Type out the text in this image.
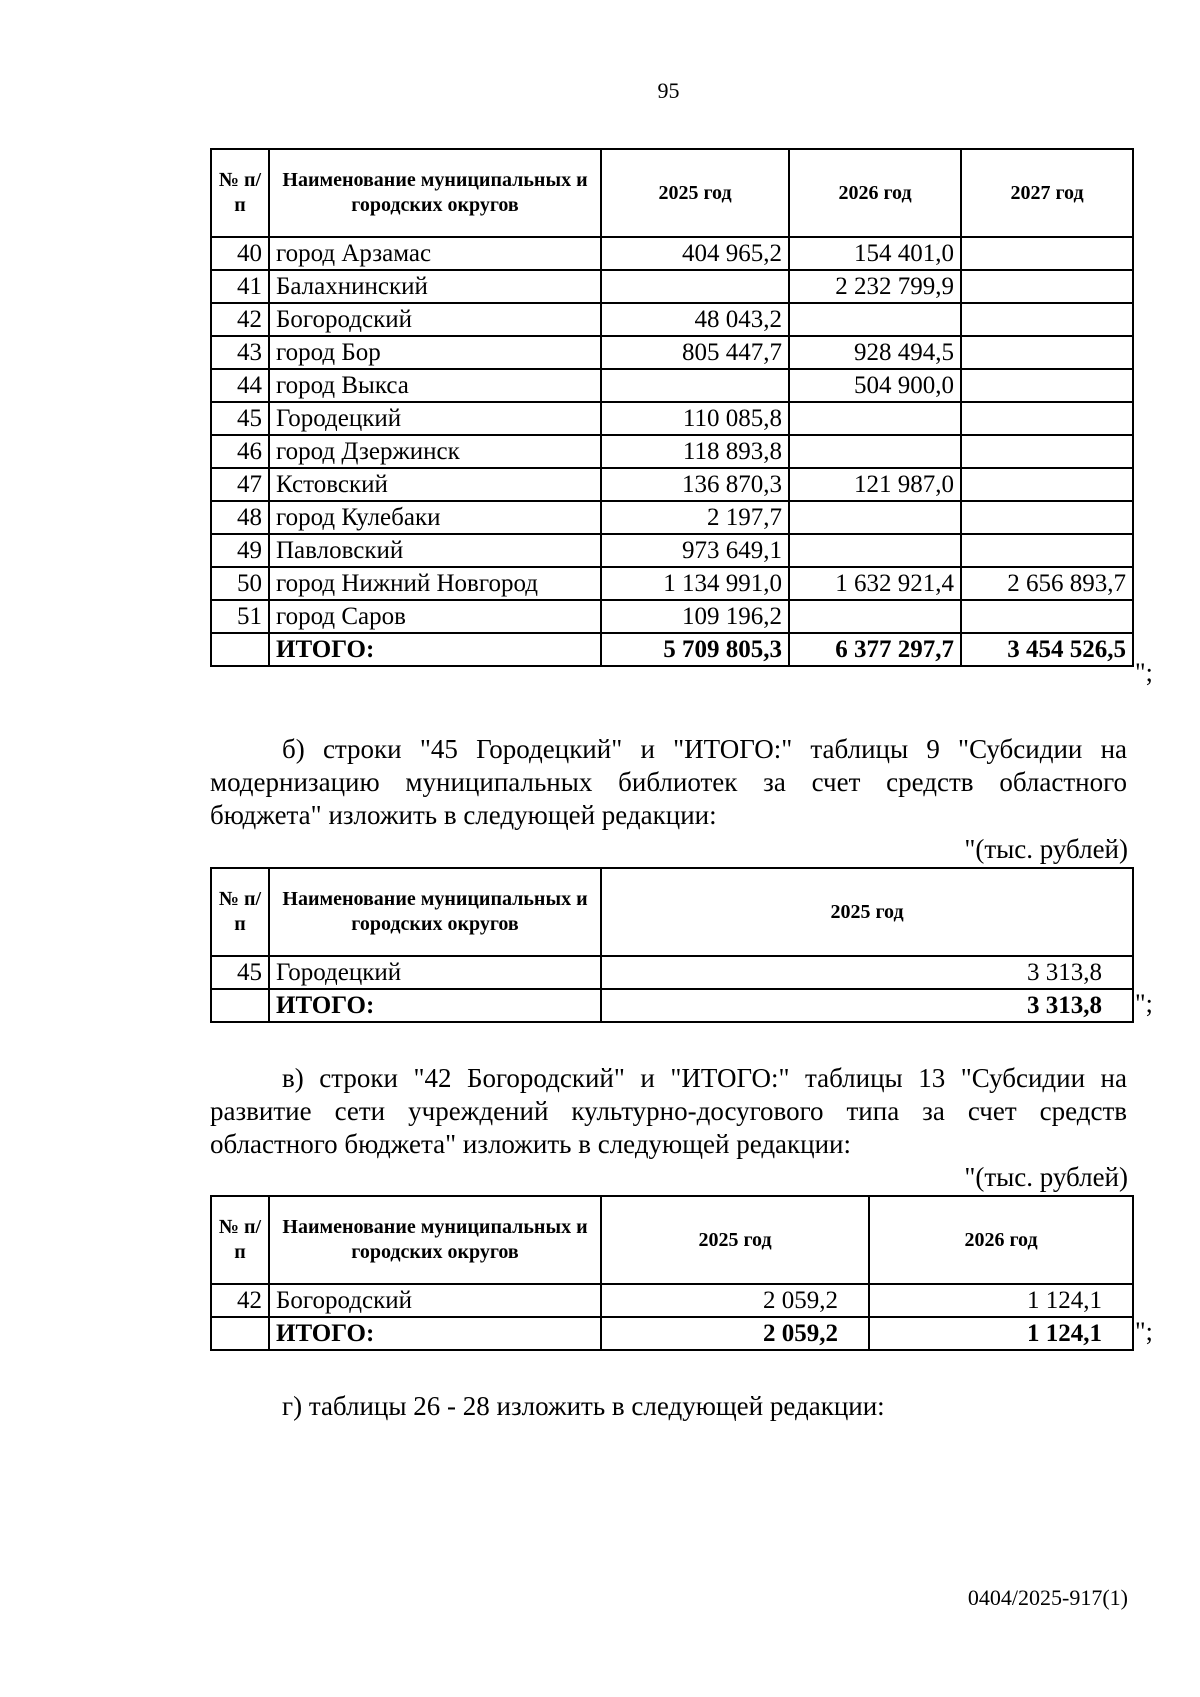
95
№ п/п	Наименование муниципальных и городских округов	2025 год	2026 год	2027 год
40	город Арзамас	404 965,2	154 401,0	
41	Балахнинский		2 232 799,9	
42	Богородский	48 043,2		
43	город Бор	805 447,7	928 494,5	
44	город Выкса		504 900,0	
45	Городецкий	110 085,8		
46	город Дзержинск	118 893,8		
47	Кстовский	136 870,3	121 987,0	
48	город Кулебаки	2 197,7		
49	Павловский	973 649,1		
50	город Нижний Новгород	1 134 991,0	1 632 921,4	2 656 893,7
51	город Саров	109 196,2		
	ИТОГО:	5 709 805,3	6 377 297,7	3 454 526,5
";
б) строки "45 Городецкий" и "ИТОГО:" таблицы 9 "Субсидии на
модернизацию муниципальных библиотек за счет средств областного
бюджета" изложить в следующей редакции:
"(тыс. рублей)
№ п/п	Наименование муниципальных и городских округов	2025 год
45	Городецкий	3 313,8
	ИТОГО:	3 313,8 ";
в) строки "42 Богородский" и "ИТОГО:" таблицы 13 "Субсидии на
развитие сети учреждений культурно-досугового типа за счет средств
областного бюджета" изложить в следующей редакции:
"(тыс. рублей)
№ п/п	Наименование муниципальных и городских округов	2025 год	2026 год
42	Богородский	2 059,2	1 124,1
	ИТОГО:	2 059,2	1 124,1 ";
г) таблицы 26 - 28 изложить в следующей редакции:
0404/2025-917(1)
